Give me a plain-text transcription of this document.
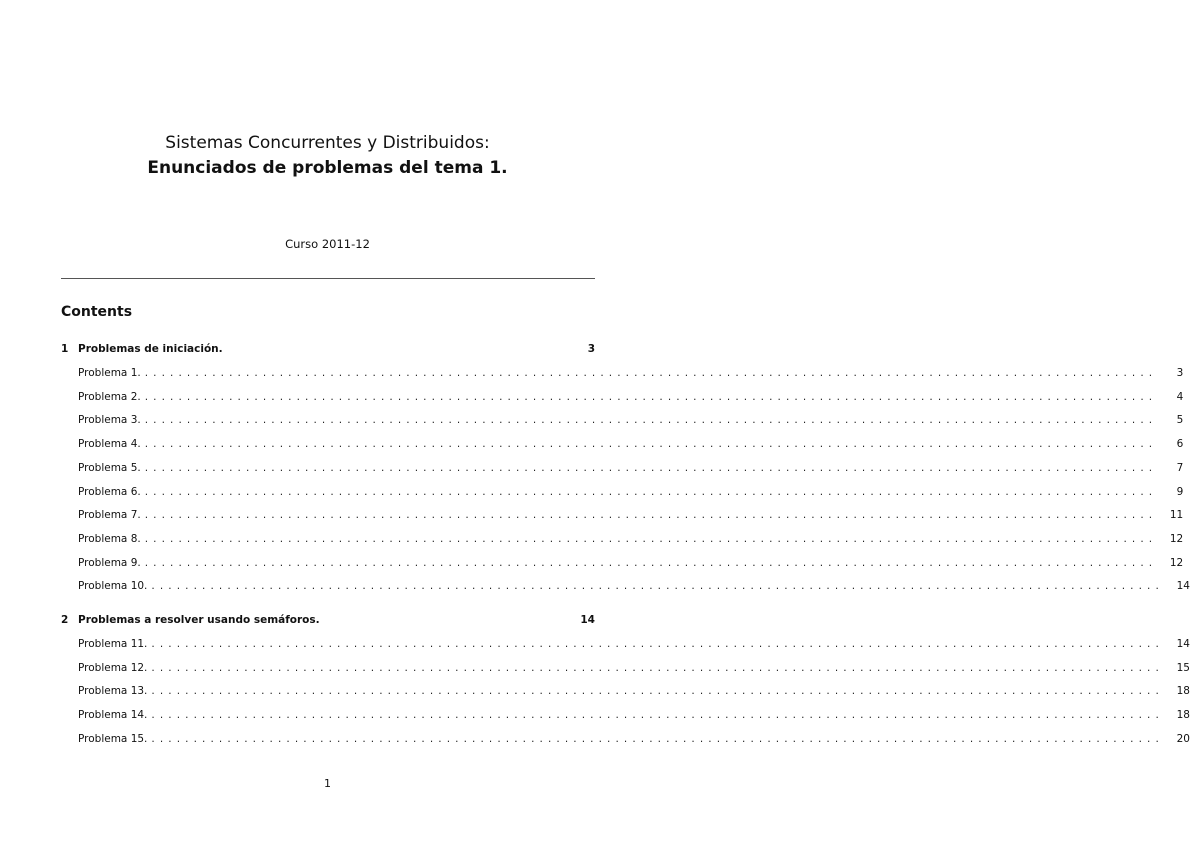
Sistemas Concurrentes y Distribuidos:
Enunciados de problemas del tema 1.
Curso 2011-12
Contents
1 Problemas de iniciación.	3
Problema 1. ........................................................................................................................	3
Problema 2. ........................................................................................................................	4
Problema 3. ........................................................................................................................	5
Problema 4. ........................................................................................................................	6
Problema 5. ........................................................................................................................	7
Problema 6. ........................................................................................................................	9
Problema 7. ........................................................................................................................ 11
Problema 8. ........................................................................................................................ 12
Problema 9. ........................................................................................................................ 12
Problema 10. ........................................................................................................................ 14
2 Problemas a resolver usando semáforos.	14
Problema 11. ........................................................................................................................ 14
Problema 12. ........................................................................................................................ 15
Problema 13. ........................................................................................................................ 18
Problema 14. ........................................................................................................................ 18
Problema 15. ........................................................................................................................ 20
1
